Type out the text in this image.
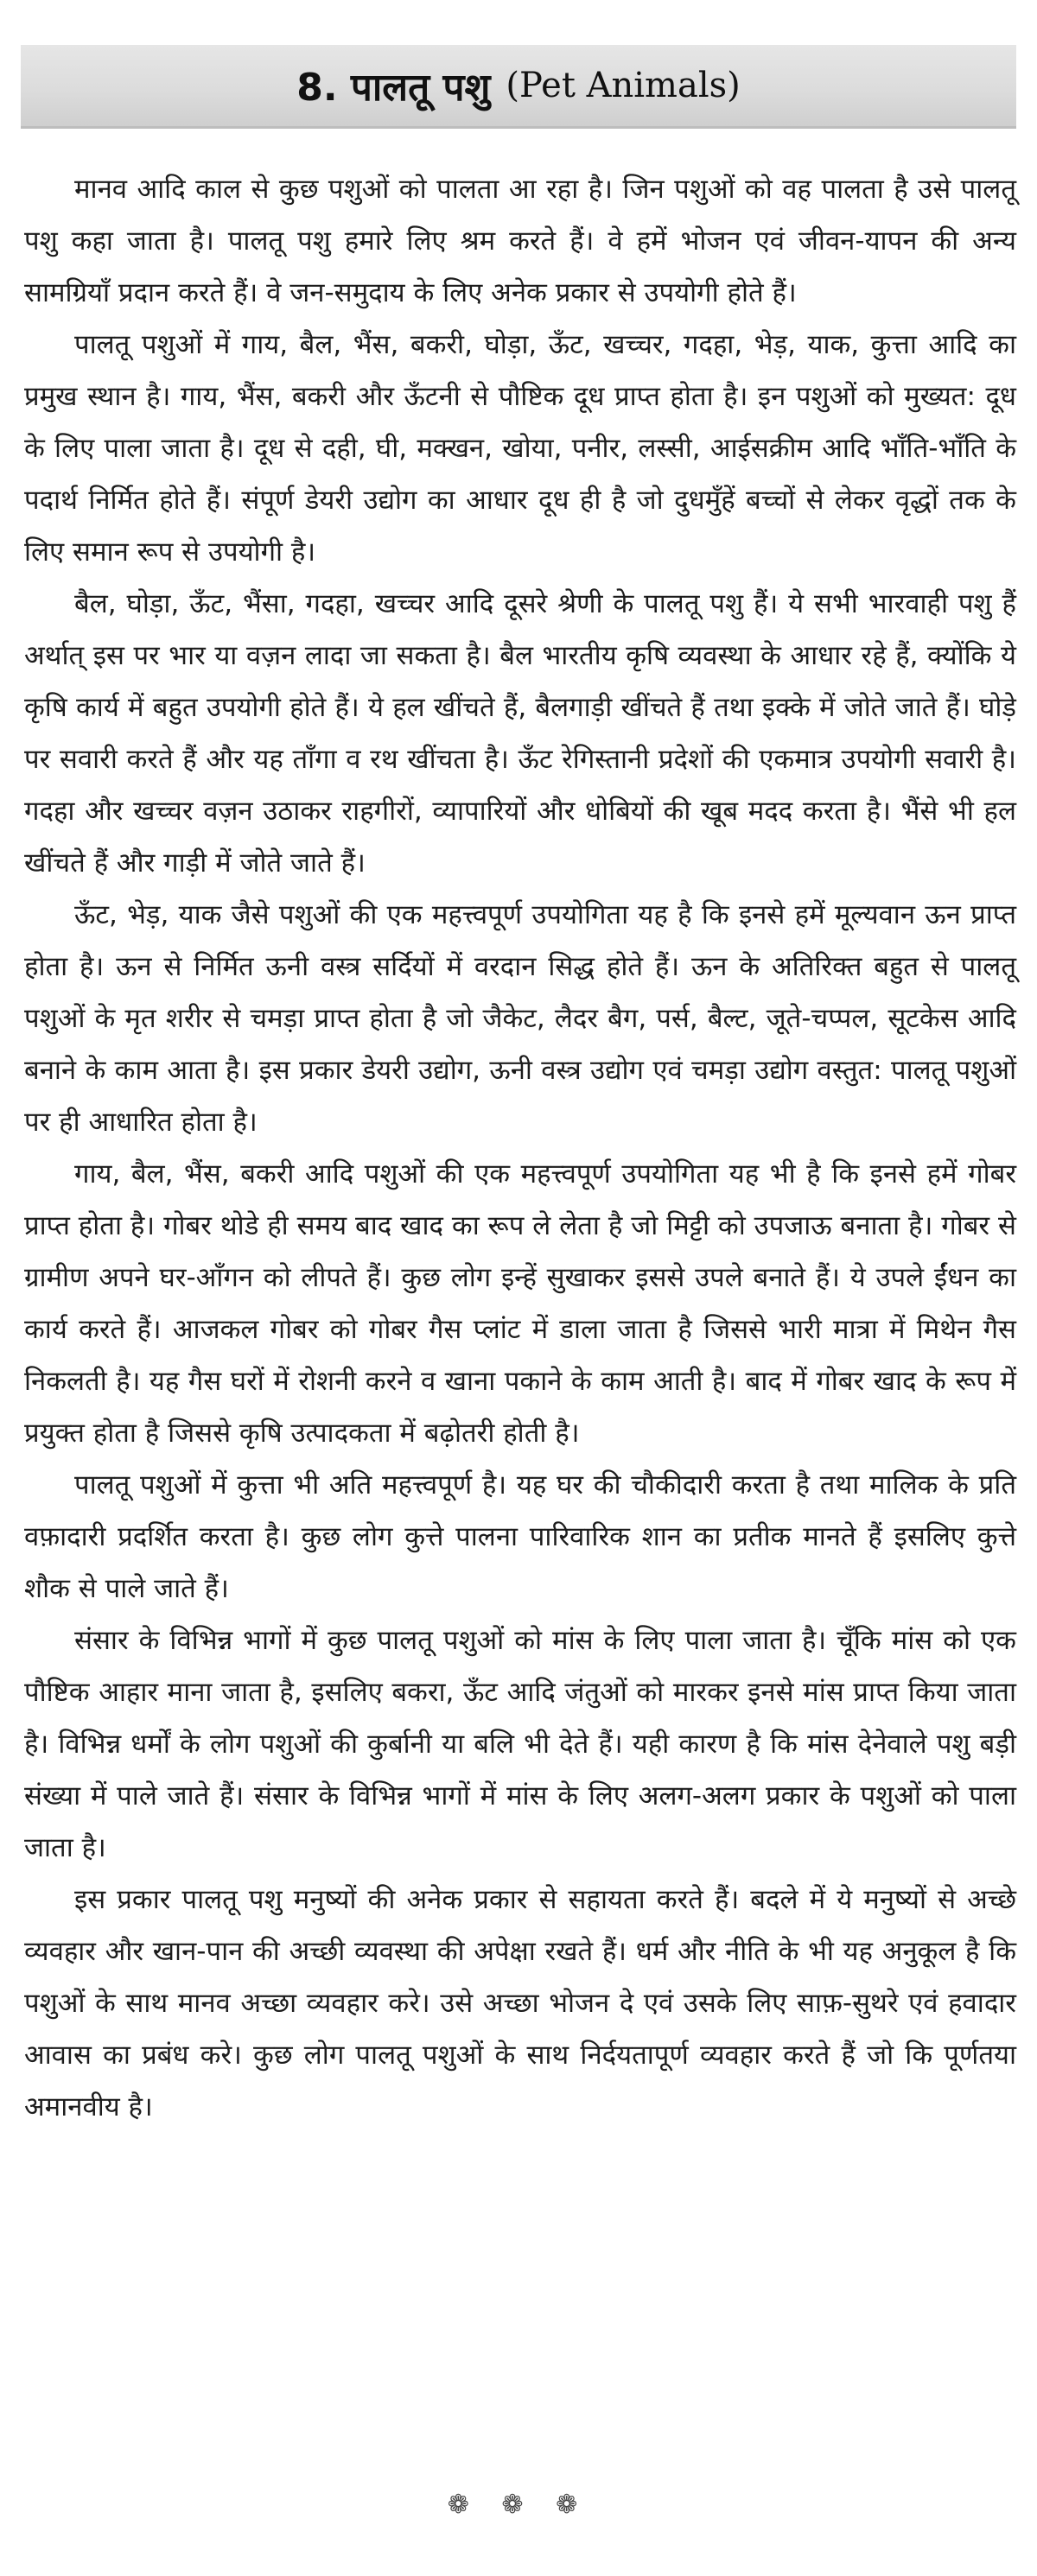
8. पालतू पशु (Pet Animals)

मानव आदि काल से कुछ पशुओं को पालता आ रहा है। जिन पशुओं को वह पालता है उसे पालतू पशु कहा जाता है। पालतू पशु हमारे लिए श्रम करते हैं। वे हमें भोजन एवं जीवन-यापन की अन्य सामग्रियाँ प्रदान करते हैं। वे जन-समुदाय के लिए अनेक प्रकार से उपयोगी होते हैं।

पालतू पशुओं में गाय, बैल, भैंस, बकरी, घोड़ा, ऊँट, खच्चर, गदहा, भेड़, याक, कुत्ता आदि का प्रमुख स्थान है। गाय, भैंस, बकरी और ऊँटनी से पौष्टिक दूध प्राप्त होता है। इन पशुओं को मुख्यत: दूध के लिए पाला जाता है। दूध से दही, घी, मक्खन, खोया, पनीर, लस्सी, आईसक्रीम आदि भाँति-भाँति के पदार्थ निर्मित होते हैं। संपूर्ण डेयरी उद्योग का आधार दूध ही है जो दुधमुँहें बच्चों से लेकर वृद्धों तक के लिए समान रूप से उपयोगी है।

बैल, घोड़ा, ऊँट, भैंसा, गदहा, खच्चर आदि दूसरे श्रेणी के पालतू पशु हैं। ये सभी भारवाही पशु हैं अर्थात् इस पर भार या वज़न लादा जा सकता है। बैल भारतीय कृषि व्यवस्था के आधार रहे हैं, क्योंकि ये कृषि कार्य में बहुत उपयोगी होते हैं। ये हल खींचते हैं, बैलगाड़ी खींचते हैं तथा इक्के में जोते जाते हैं। घोड़े पर सवारी करते हैं और यह ताँगा व रथ खींचता है। ऊँट रेगिस्तानी प्रदेशों की एकमात्र उपयोगी सवारी है। गदहा और खच्चर वज़न उठाकर राहगीरों, व्यापारियों और धोबियों की खूब मदद करता है। भैंसे भी हल खींचते हैं और गाड़ी में जोते जाते हैं।

ऊँट, भेड़, याक जैसे पशुओं की एक महत्त्वपूर्ण उपयोगिता यह है कि इनसे हमें मूल्यवान ऊन प्राप्त होता है। ऊन से निर्मित ऊनी वस्त्र सर्दियों में वरदान सिद्ध होते हैं। ऊन के अतिरिक्त बहुत से पालतू पशुओं के मृत शरीर से चमड़ा प्राप्त होता है जो जैकेट, लैदर बैग, पर्स, बैल्ट, जूते-चप्पल, सूटकेस आदि बनाने के काम आता है। इस प्रकार डेयरी उद्योग, ऊनी वस्त्र उद्योग एवं चमड़ा उद्योग वस्तुत: पालतू पशुओं पर ही आधारित होता है।

गाय, बैल, भैंस, बकरी आदि पशुओं की एक महत्त्वपूर्ण उपयोगिता यह भी है कि इनसे हमें गोबर प्राप्त होता है। गोबर थोडे ही समय बाद खाद का रूप ले लेता है जो मिट्टी को उपजाऊ बनाता है। गोबर से ग्रामीण अपने घर-आँगन को लीपते हैं। कुछ लोग इन्हें सुखाकर इससे उपले बनाते हैं। ये उपले ईंधन का कार्य करते हैं। आजकल गोबर को गोबर गैस प्लांट में डाला जाता है जिससे भारी मात्रा में मिथेन गैस निकलती है। यह गैस घरों में रोशनी करने व खाना पकाने के काम आती है। बाद में गोबर खाद के रूप में प्रयुक्त होता है जिससे कृषि उत्पादकता में बढ़ोतरी होती है।

पालतू पशुओं में कुत्ता भी अति महत्त्वपूर्ण है। यह घर की चौकीदारी करता है तथा मालिक के प्रति वफ़ादारी प्रदर्शित करता है। कुछ लोग कुत्ते पालना पारिवारिक शान का प्रतीक मानते हैं इसलिए कुत्ते शौक से पाले जाते हैं।

संसार के विभिन्न भागों में कुछ पालतू पशुओं को मांस के लिए पाला जाता है। चूँकि मांस को एक पौष्टिक आहार माना जाता है, इसलिए बकरा, ऊँट आदि जंतुओं को मारकर इनसे मांस प्राप्त किया जाता है। विभिन्न धर्मों के लोग पशुओं की कुर्बानी या बलि भी देते हैं। यही कारण है कि मांस देनेवाले पशु बड़ी संख्या में पाले जाते हैं। संसार के विभिन्न भागों में मांस के लिए अलग-अलग प्रकार के पशुओं को पाला जाता है।

इस प्रकार पालतू पशु मनुष्यों की अनेक प्रकार से सहायता करते हैं। बदले में ये मनुष्यों से अच्छे व्यवहार और खान-पान की अच्छी व्यवस्था की अपेक्षा रखते हैं। धर्म और नीति के भी यह अनुकूल है कि पशुओं के साथ मानव अच्छा व्यवहार करे। उसे अच्छा भोजन दे एवं उसके लिए साफ़-सुथरे एवं हवादार आवास का प्रबंध करे। कुछ लोग पालतू पशुओं के साथ निर्दयतापूर्ण व्यवहार करते हैं जो कि पूर्णतया अमानवीय है।

❁ ❁ ❁
